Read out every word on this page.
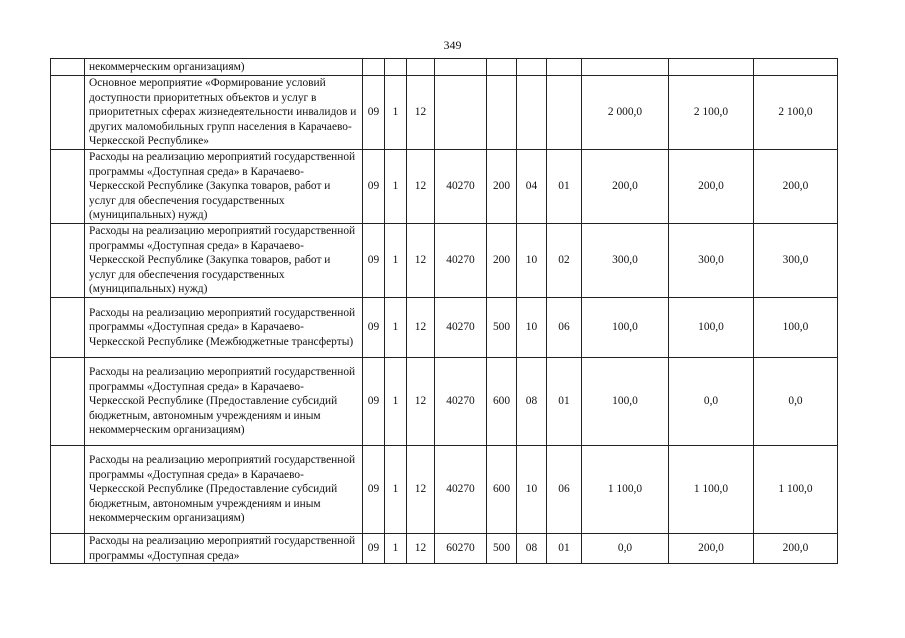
349
	некоммерческим организациям)										
	Основное мероприятие «Формирование условий доступности приоритетных объектов и услуг в приоритетных сферах жизнедеятельности инвалидов и других маломобильных групп населения в Карачаево-Черкесской Республике»	09	1	12					2 000,0	2 100,0	2 100,0
	Расходы на реализацию мероприятий государственной программы «Доступная среда» в Карачаево-Черкесской Республике (Закупка товаров, работ и услуг для обеспечения государственных (муниципальных) нужд)	09	1	12	40270	200	04	01	200,0	200,0	200,0
	Расходы на реализацию мероприятий государственной программы «Доступная среда» в Карачаево-Черкесской Республике (Закупка товаров, работ и услуг для обеспечения государственных (муниципальных) нужд)	09	1	12	40270	200	10	02	300,0	300,0	300,0
	Расходы на реализацию мероприятий государственной программы «Доступная среда» в Карачаево-Черкесской Республике (Межбюджетные трансферты)	09	1	12	40270	500	10	06	100,0	100,0	100,0
	Расходы на реализацию мероприятий государственной программы «Доступная среда» в Карачаево-Черкесской Республике (Предоставление субсидий бюджетным, автономным учреждениям и иным некоммерческим организациям)	09	1	12	40270	600	08	01	100,0	0,0	0,0
	Расходы на реализацию мероприятий государственной программы «Доступная среда» в Карачаево-Черкесской Республике (Предоставление субсидий бюджетным, автономным учреждениям и иным некоммерческим организациям)	09	1	12	40270	600	10	06	1 100,0	1 100,0	1 100,0
	Расходы на реализацию мероприятий государственной программы «Доступная среда»	09	1	12	60270	500	08	01	0,0	200,0	200,0
